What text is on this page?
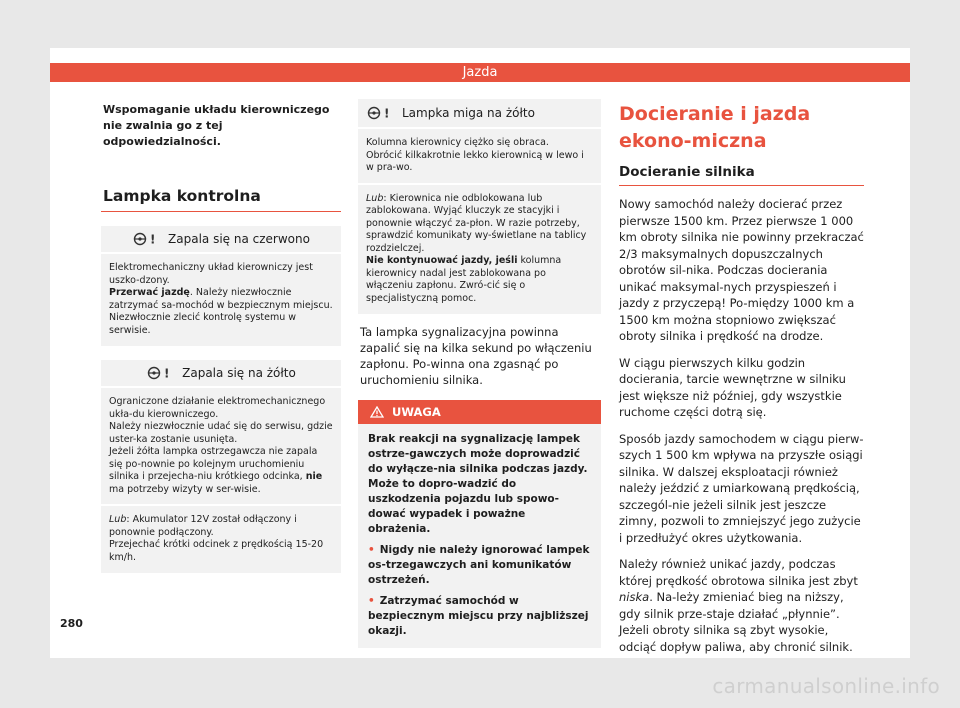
Jazda
Wspomaganie układu kierowniczego nie zwalnia go z tej odpowiedzialności.
Lampka kontrolna
! Zapala się na czerwono

Elektromechaniczny układ kierowniczy jest uszko-dzony.

Przerwać jazdę. Należy niezwłocznie zatrzymać sa-mochód w bezpiecznym miejscu.

Niezwłocznie zlecić kontrolę systemu w serwisie.

! Zapala się na żółto

Ograniczone działanie elektromechanicznego ukła-du kierowniczego.

Należy niezwłocznie udać się do serwisu, gdzie uster-ka zostanie usunięta.

Jeżeli żółta lampka ostrzegawcza nie zapala się po-nownie po kolejnym uruchomieniu silnika i przejecha-niu krótkiego odcinka, nie ma potrzeby wizyty w ser-wisie.

Lub: Akumulator 12V został odłączony i ponownie podłączony.

Przejechać krótki odcinek z prędkością 15-20 km/h.

! Lampka miga na żółto

Kolumna kierownicy ciężko się obraca.

Obrócić kilkakrotnie lekko kierownicą w lewo i w pra-wo.

Lub: Kierownica nie odblokowana lub zablokowana. Wyjąć kluczyk ze stacyjki i ponownie włączyć za-płon. W razie potrzeby, sprawdzić komunikaty wy-świetlane na tablicy rozdzielczej.

Nie kontynuować jazdy, jeśli kolumna kierownicy nadal jest zablokowana po włączeniu zapłonu. Zwró-cić się o specjalistyczną pomoc.

Ta lampka sygnalizacyjna powinna zapalić się na kilka sekund po włączeniu zapłonu. Po-winna ona zgasnąć po uruchomieniu silnika.
UWAGA

Brak reakcji na sygnalizację lampek ostrze-gawczych może doprowadzić do wyłącze-nia silnika podczas jazdy. Może to dopro-wadzić do uszkodzenia pojazdu lub spowo-dować wypadek i poważne obrażenia.

• Nigdy nie należy ignorować lampek os-trzegawczych ani komunikatów ostrzeżeń.

• Zatrzymać samochód w bezpiecznym miejscu przy najbliższej okazji.

Docieranie i jazda ekono-miczna
Docieranie silnika

Nowy samochód należy docierać przez pierwsze 1500 km. Przez pierwsze 1 000 km obroty silnika nie powinny przekraczać 2/3 maksymalnych dopuszczalnych obrotów sil-nika. Podczas docierania unikać maksymal-nych przyspieszeń i jazdy z przyczepą! Po-między 1000 km a 1500 km można stopniowo zwiększać obroty silnika i prędkość na drodze.

W ciągu pierwszych kilku godzin docierania, tarcie wewnętrzne w silniku jest większe niż później, gdy wszystkie ruchome części dotrą się.

Sposób jazdy samochodem w ciągu pierw-szych 1 500 km wpływa na przyszłe osiągi silnika. W dalszej eksploatacji również należy jeździć z umiarkowaną prędkością, szczegól-nie jeżeli silnik jest jeszcze zimny, pozwoli to zmniejszyć jego zużycie i przedłużyć okres użytkowania.

Należy również unikać jazdy, podczas której prędkość obrotowa silnika jest zbyt niska. Na-leży zmieniać bieg na niższy, gdy silnik prze-staje działać „płynnie”. Jeżeli obroty silnika są zbyt wysokie, odciąć dopływ paliwa, aby chronić silnik.

280
carmanualsonline.info
